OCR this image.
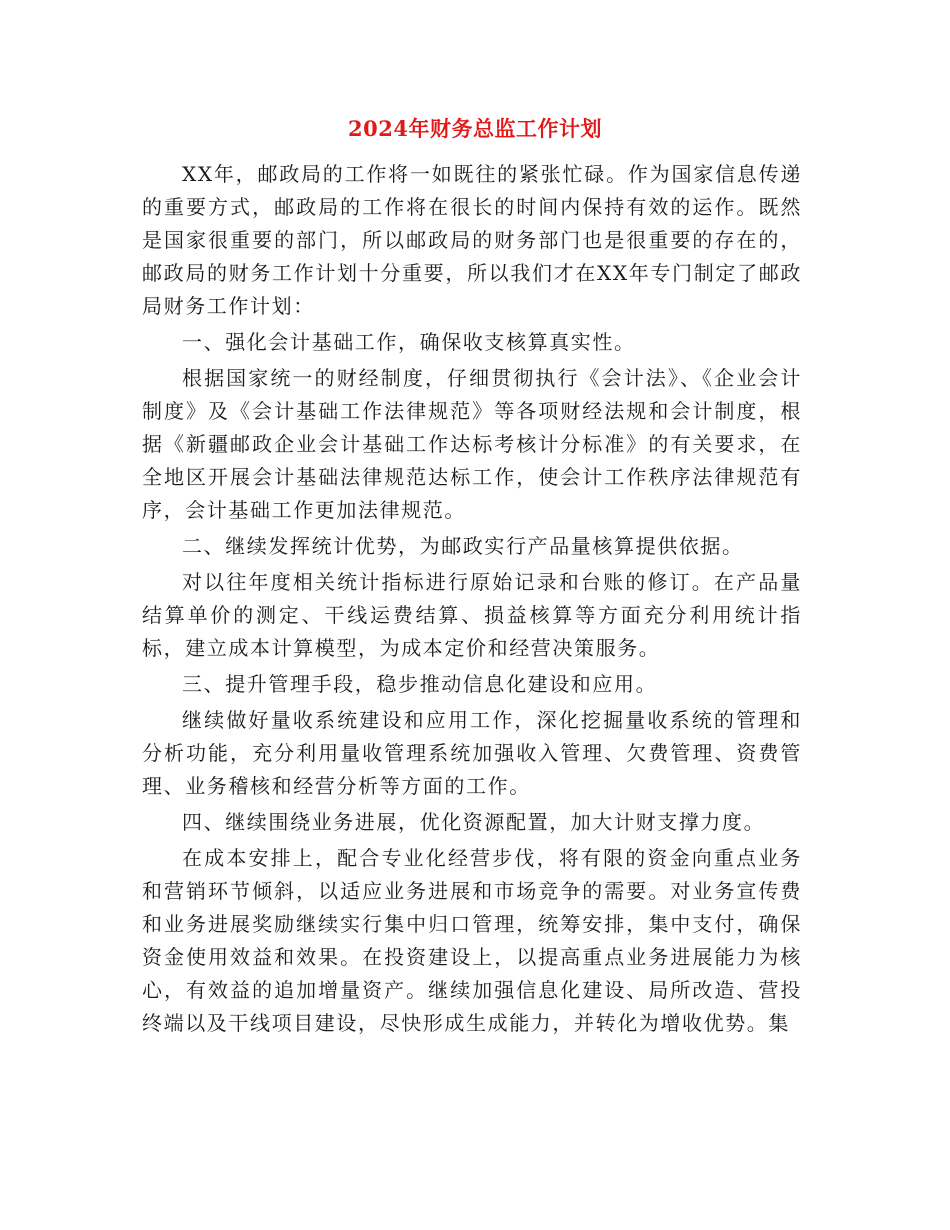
2024年财务总监工作计划

XX年，邮政局的工作将一如既往的紧张忙碌。作为国家信息传递的重要方式，邮政局的工作将在很长的时间内保持有效的运作。既然是国家很重要的部门，所以邮政局的财务部门也是很重要的存在的，邮政局的财务工作计划十分重要，所以我们才在XX年专门制定了邮政局财务工作计划：

一、强化会计基础工作，确保收支核算真实性。

根据国家统一的财经制度，仔细贯彻执行《会计法》、《企业会计制度》及《会计基础工作法律规范》等各项财经法规和会计制度，根据《新疆邮政企业会计基础工作达标考核计分标准》的有关要求，在全地区开展会计基础法律规范达标工作，使会计工作秩序法律规范有序，会计基础工作更加法律规范。

二、继续发挥统计优势，为邮政实行产品量核算提供依据。

对以往年度相关统计指标进行原始记录和台账的修订。在产品量结算单价的测定、干线运费结算、损益核算等方面充分利用统计指标，建立成本计算模型，为成本定价和经营决策服务。

三、提升管理手段，稳步推动信息化建设和应用。

继续做好量收系统建设和应用工作，深化挖掘量收系统的管理和分析功能，充分利用量收管理系统加强收入管理、欠费管理、资费管理、业务稽核和经营分析等方面的工作。

四、继续围绕业务进展，优化资源配置，加大计财支撑力度。

在成本安排上，配合专业化经营步伐，将有限的资金向重点业务和营销环节倾斜，以适应业务进展和市场竞争的需要。对业务宣传费和业务进展奖励继续实行集中归口管理，统筹安排，集中支付，确保资金使用效益和效果。在投资建设上，以提高重点业务进展能力为核心，有效益的追加增量资产。继续加强信息化建设、局所改造、营投终端以及干线项目建设，尽快形成生成能力，并转化为增收优势。集
